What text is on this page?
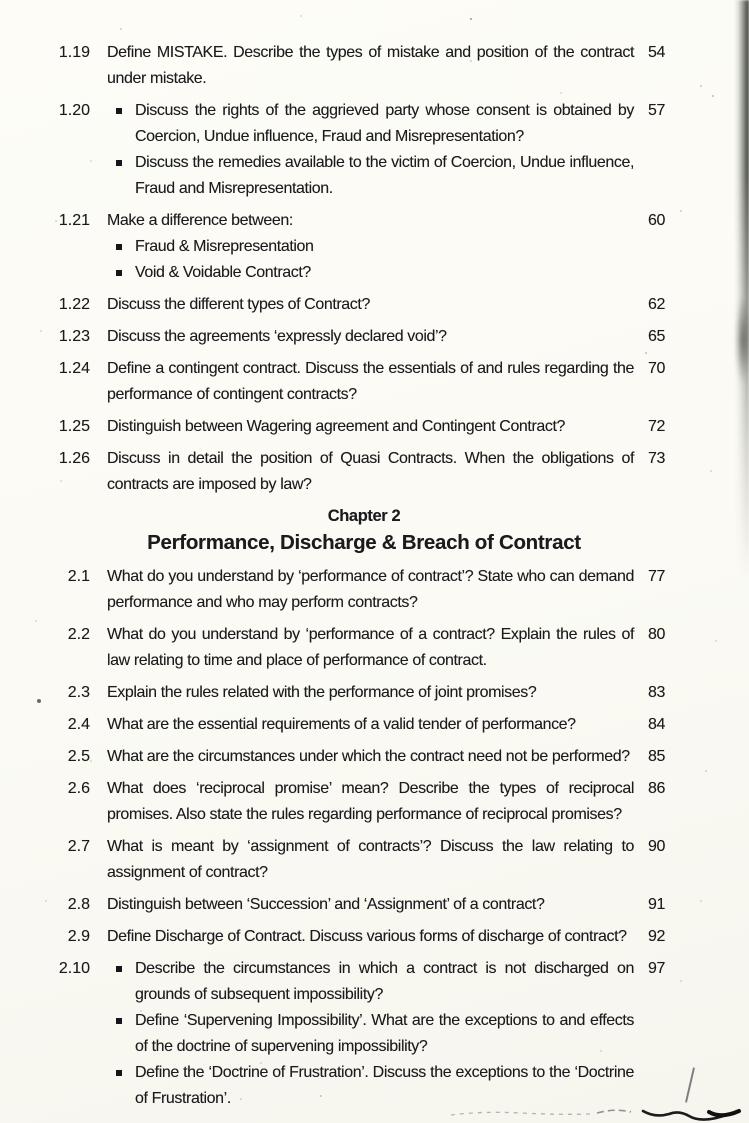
1.19 Define MISTAKE. Describe the types of mistake and position of the contract under mistake.
54
1.20	Discuss the rights of the aggrieved party whose consent is obtained by Coercion, Undue influence, Fraud and Misrepresentation?
Discuss the remedies available to the victim of Coercion, Undue influence, Fraud and Misrepresentation.
57
1.21 Make a difference between:
Fraud & Misrepresentation
Void & Voidable Contract?
60
1.22 Discuss the different types of Contract?	62
1.23 Discuss the agreements ‘expressly declared void’?	65
1.24 Define a contingent contract. Discuss the essentials of and rules regarding the performance of contingent contracts?
70
1.25 Distinguish between Wagering agreement and Contingent Contract?	72
1.26 Discuss in detail the position of Quasi Contracts. When the obligations of contracts are imposed by law?
73
Chapter 2
Performance, Discharge & Breach of Contract
2.1 What do you understand by ‘performance of contract’? State who can demand performance and who may perform contracts?
77
2.2 What do you understand by ‘performance of a contract? Explain the rules of law relating to time and place of performance of contract.
80
2.3 Explain the rules related with the performance of joint promises?	83
2.4 What are the essential requirements of a valid tender of performance?	84
2.5 What are the circumstances under which the contract need not be performed? 85
2.6 What does ‘reciprocal promise’ mean? Describe the types of reciprocal promises. Also state the rules regarding performance of reciprocal promises?
86
2.7 What is meant by ‘assignment of contracts’? Discuss the law relating to assignment of contract?
90
2.8 Distinguish between ‘Succession’ and ‘Assignment’ of a contract?	91
2.9 Define Discharge of Contract. Discuss various forms of discharge of contract?	92
2.10	Describe the circumstances in which a contract is not discharged on grounds of subsequent impossibility?
Define ‘Supervening Impossibility’. What are the exceptions to and effects of the doctrine of supervening impossibility?
Define the ‘Doctrine of Frustration’. Discuss the exceptions to the ‘Doctrine of Frustration’.
97
